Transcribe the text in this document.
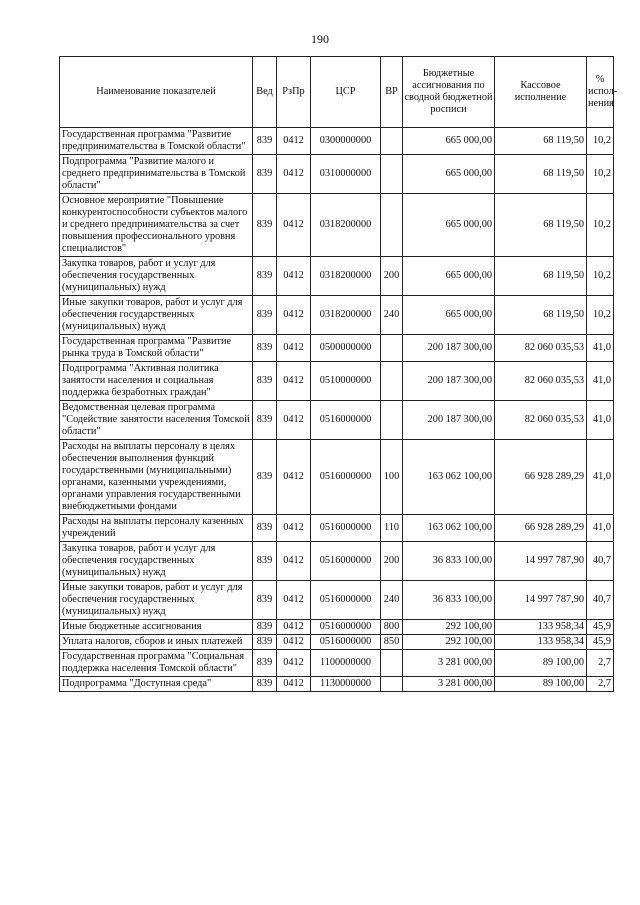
190
Наименование показателей	Вед	РзПр	ЦСР	ВР	Бюджетные ассигнования по сводной бюджетной росписи	Кассовое исполнение	% испол-нения
Государственная программа "Развитие предпринимательства в Томской области"	839	0412	0300000000		665 000,00	68 119,50	10,2
Подпрограмма "Развитие малого и среднего предпринимательства в Томской области"	839	0412	0310000000		665 000,00	68 119,50	10,2
Основное мероприятие "Повышение конкурентоспособности субъектов малого и среднего предпринимательства за счет повышения профессионального уровня специалистов"	839	0412	0318200000		665 000,00	68 119,50	10,2
Закупка товаров, работ и услуг для обеспечения государственных (муниципальных) нужд	839	0412	0318200000	200	665 000,00	68 119,50	10,2
Иные закупки товаров, работ и услуг для обеспечения государственных (муниципальных) нужд	839	0412	0318200000	240	665 000,00	68 119,50	10,2
Государственная программа "Развитие рынка труда в Томской области"	839	0412	0500000000		200 187 300,00	82 060 035,53	41,0
Подпрограмма "Активная политика занятости населения и социальная поддержка безработных граждан"	839	0412	0510000000		200 187 300,00	82 060 035,53	41,0
Ведомственная целевая программа "Содействие занятости населения Томской области"	839	0412	0516000000		200 187 300,00	82 060 035,53	41,0
Расходы на выплаты персоналу в целях обеспечения выполнения функций государственными (муниципальными) органами, казенными учреждениями, органами управления государственными внебюджетными фондами	839	0412	0516000000	100	163 062 100,00	66 928 289,29	41,0
Расходы на выплаты персоналу казенных учреждений	839	0412	0516000000	110	163 062 100,00	66 928 289,29	41,0
Закупка товаров, работ и услуг для обеспечения государственных (муниципальных) нужд	839	0412	0516000000	200	36 833 100,00	14 997 787,90	40,7
Иные закупки товаров, работ и услуг для обеспечения государственных (муниципальных) нужд	839	0412	0516000000	240	36 833 100,00	14 997 787,90	40,7
Иные бюджетные ассигнования	839	0412	0516000000	800	292 100,00	133 958,34	45,9
Уплата налогов, сборов и иных платежей	839	0412	0516000000	850	292 100,00	133 958,34	45,9
Государственная программа "Социальная поддержка населения Томской области"	839	0412	1100000000		3 281 000,00	89 100,00	2,7
Подпрограмма "Доступная среда"	839	0412	1130000000		3 281 000,00	89 100,00	2,7
